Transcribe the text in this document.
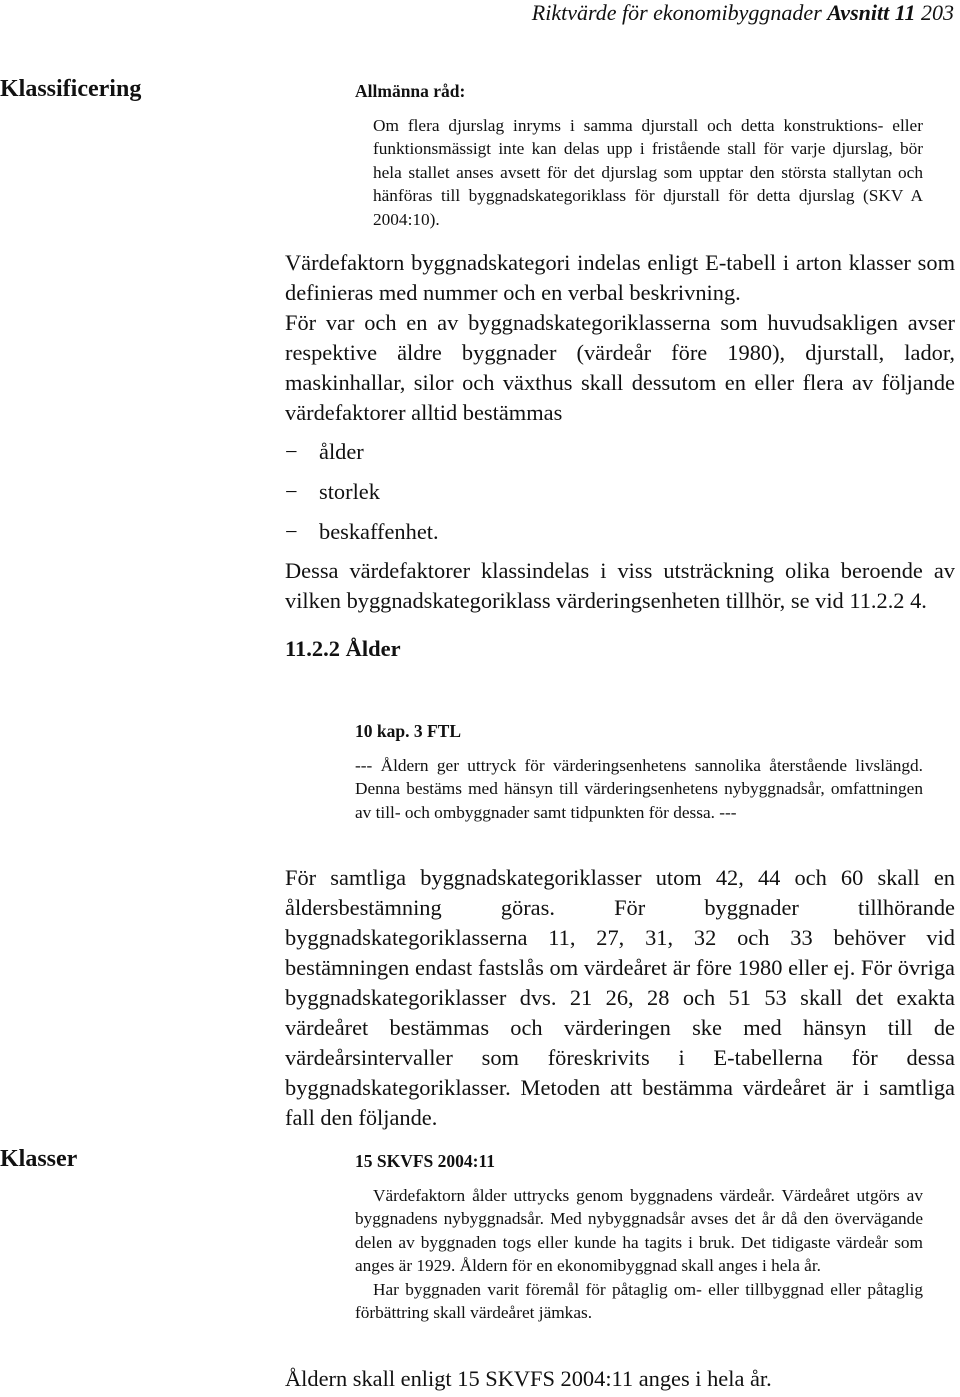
Riktvärde för ekonomibyggnader Avsnitt 11 203
Klassificering	Allmänna råd:

Om flera djurslag inryms i samma djurstall och detta konstruktions- eller funktionsmässigt inte kan delas upp i fristående stall för varje djurslag, bör hela stallet anses avsett för det djurslag som upptar den största stallytan och hänföras till byggnadskategoriklass för djurstall för detta djurslag (SKV A 2004:10).

Värdefaktorn byggnadskategori indelas enligt E-tabell i arton klasser som definieras med nummer och en verbal beskrivning.

För var och en av byggnadskategoriklasserna som huvudsakligen avser respektive äldre byggnader (värdeår före 1980), djurstall, lador, maskinhallar, silor och växthus skall dessutom en eller flera av följande värdefaktorer alltid bestämmas

− ålder
− storlek
− beskaffenhet.

Dessa värdefaktorer klassindelas i viss utsträckning olika beroende av vilken byggnadskategoriklass värderingsenheten tillhör, se vid 11.2.2 4.

11.2.2 Ålder
10 kap. 3 FTL

--- Åldern ger uttryck för värderingsenhetens sannolika återstående livslängd. Denna bestäms med hänsyn till värderingsenhetens nybyggnadsår, omfattningen av till- och ombyggnader samt tidpunkten för dessa. ---

För samtliga byggnadskategoriklasser utom 42, 44 och 60 skall en åldersbestämning göras. För byggnader tillhörande byggnadskategoriklasserna 11, 27, 31, 32 och 33 behöver vid bestämningen endast fastslås om värdeåret är före 1980 eller ej. För övriga byggnadskategoriklasser dvs. 21 26, 28 och 51 53 skall det exakta värdeåret bestämmas och värderingen ske med hänsyn till de värdeårsintervaller som föreskrivits i E-tabellerna för dessa byggnadskategoriklasser. Metoden att bestämma värdeåret är i samtliga fall den följande.

Klasser	15 SKVFS 2004:11

Värdefaktorn ålder uttrycks genom byggnadens värdeår. Värdeåret utgörs av byggnadens nybyggnadsår. Med nybyggnadsår avses det år då den övervägande delen av byggnaden togs eller kunde ha tagits i bruk. Det tidigaste värdeår som anges är 1929. Åldern för en ekonomibyggnad skall anges i hela år.

Har byggnaden varit föremål för påtaglig om- eller tillbyggnad eller påtaglig förbättring skall värdeåret jämkas.

Åldern skall enligt 15 SKVFS 2004:11 anges i hela år.
